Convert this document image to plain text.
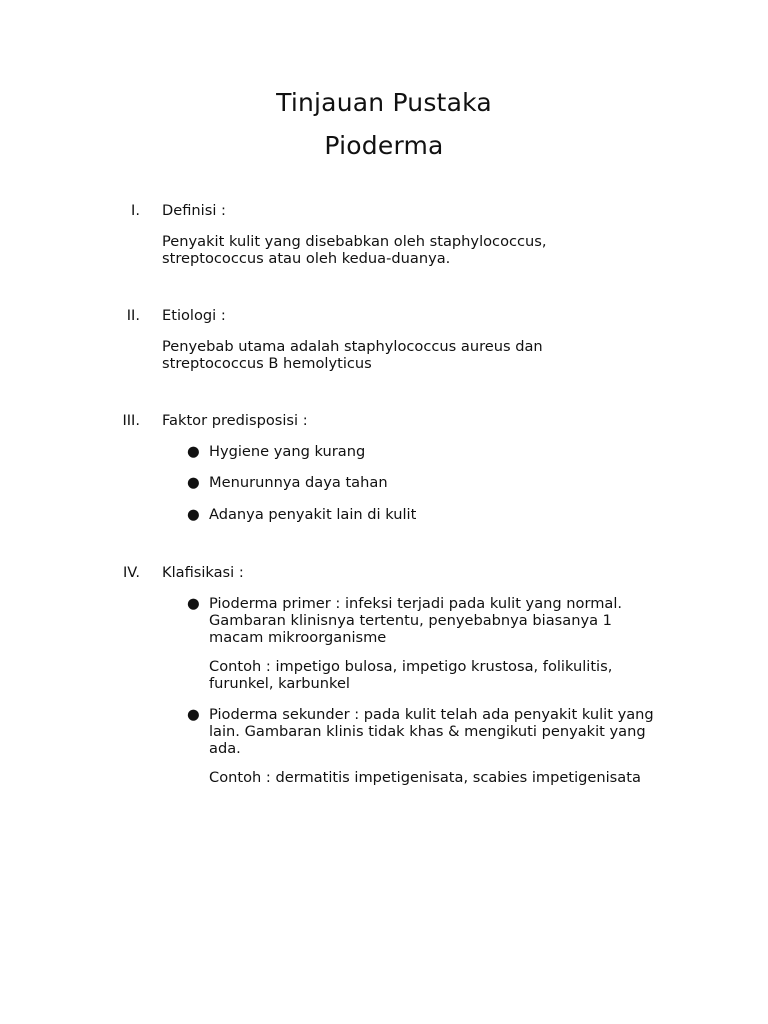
Tinjauan Pustaka
Pioderma
I. Definisi :

Penyakit kulit yang disebabkan oleh staphylococcus, streptococcus atau oleh kedua-duanya.

II. Etiologi :

Penyebab utama adalah staphylococcus aureus dan streptococcus B hemolyticus

III. Faktor predisposisi :
● Hygiene yang kurang

● Menurunnya daya tahan

● Adanya penyakit lain di kulit

IV. Klafisikasi :
● Pioderma primer : infeksi terjadi pada kulit yang normal. Gambaran klinisnya tertentu, penyebabnya biasanya 1 macam mikroorganisme

Contoh : impetigo bulosa, impetigo krustosa, folikulitis, furunkel, karbunkel

● Pioderma sekunder : pada kulit telah ada penyakit kulit yang lain. Gambaran klinis tidak khas & mengikuti penyakit yang ada.

Contoh : dermatitis impetigenisata, scabies impetigenisata
